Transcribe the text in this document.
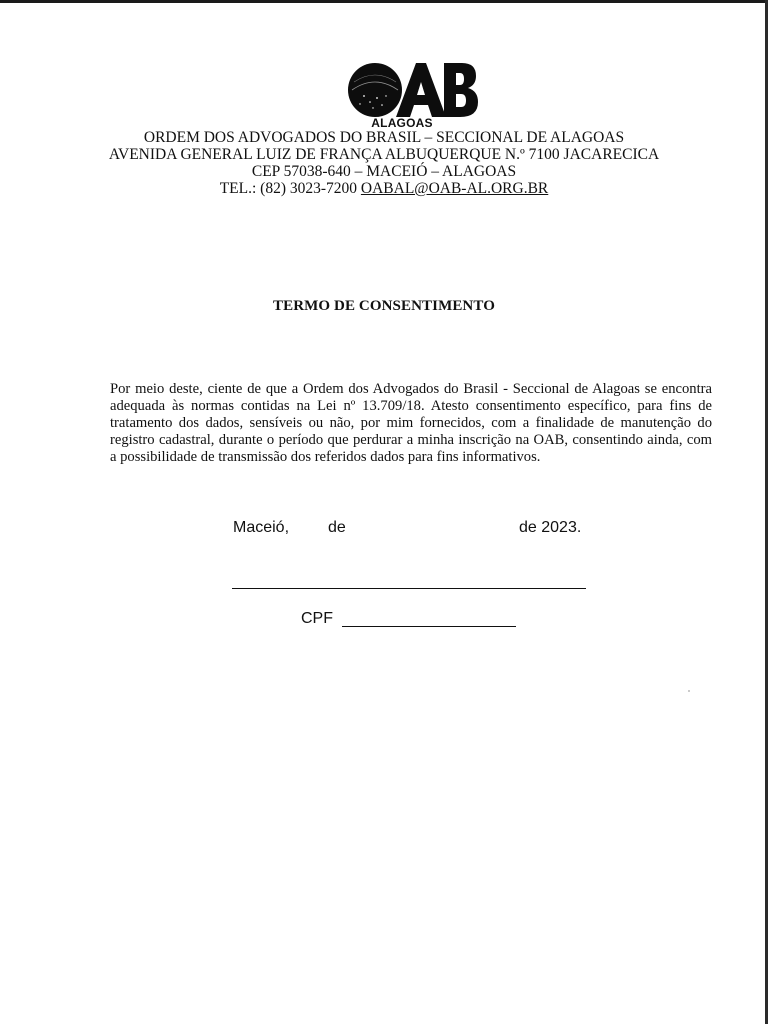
ALAGOAS
ORDEM DOS ADVOGADOS DO BRASIL – SECCIONAL DE ALAGOAS
AVENIDA GENERAL LUIZ DE FRANÇA ALBUQUERQUE N.º 7100 JACARECICA
CEP 57038-640 – MACEIÓ – ALAGOAS
TEL.: (82) 3023-7200 OABAL@OAB-AL.ORG.BR
TERMO DE CONSENTIMENTO
Por meio deste, ciente de que a Ordem dos Advogados do Brasil - Seccional de Alagoas se encontra adequada às normas contidas na Lei nº 13.709/18. Atesto consentimento específico, para fins de tratamento dos dados, sensíveis ou não, por mim fornecidos, com a finalidade de manutenção do registro cadastral, durante o período que perdurar a minha inscrição na OAB, consentindo ainda, com a possibilidade de transmissão dos referidos dados para fins informativos.
Maceió, de	de 2023.
CPF
